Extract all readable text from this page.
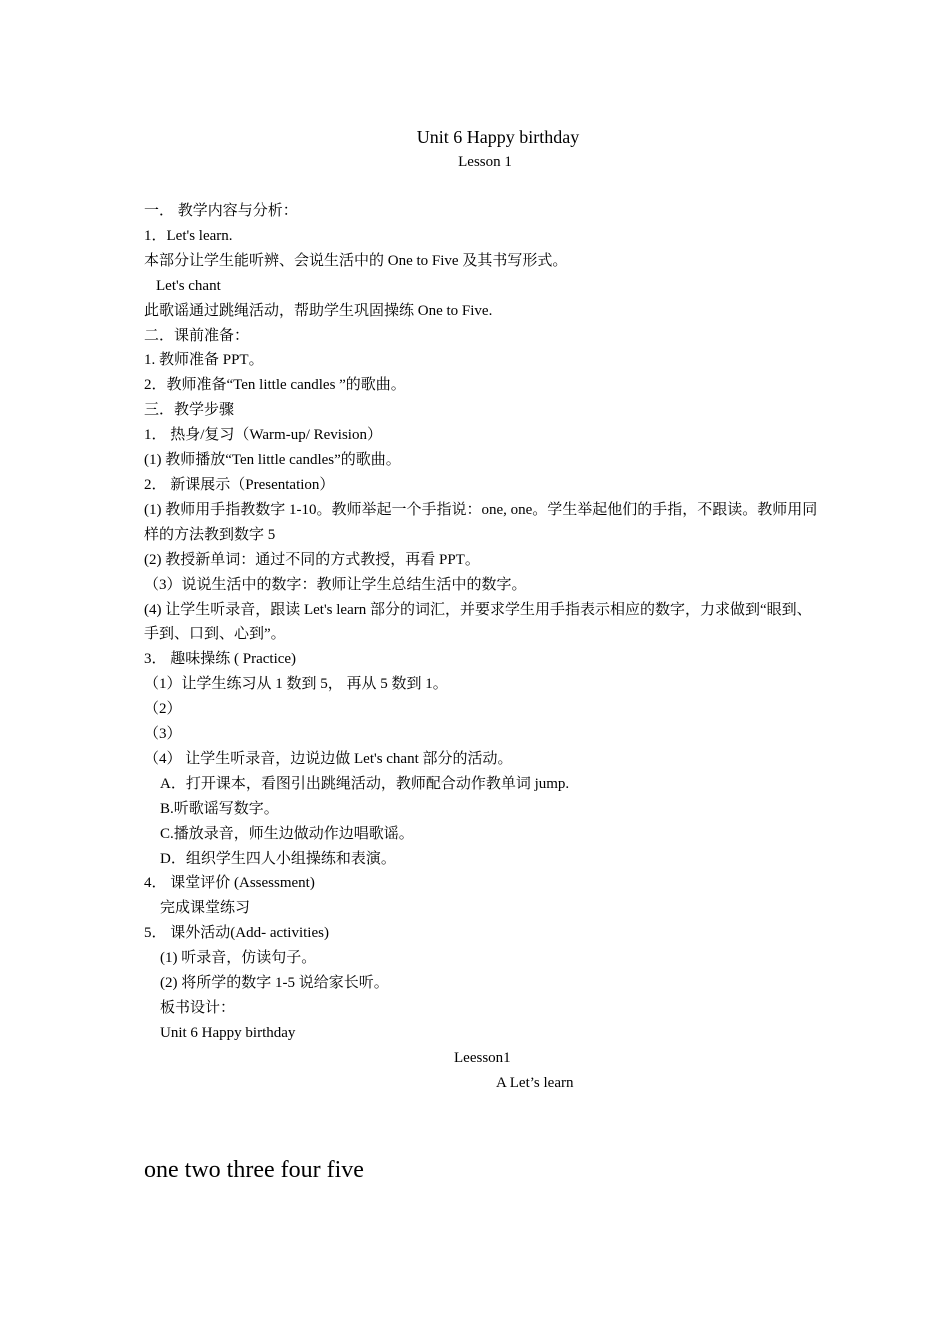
Unit 6 Happy birthday
Lesson 1
一． 教学内容与分析：
1．Let's learn.
本部分让学生能听辨、会说生活中的 One to Five 及其书写形式。
Let's chant
此歌谣通过跳绳活动，帮助学生巩固操练 One to Five.
二．课前准备：
1. 教师准备 PPT。
2．教师准备“Ten little candles ”的歌曲。
三．教学步骤
1． 热身/复习（Warm-up/ Revision）
(1) 教师播放“Ten little candles”的歌曲。
2． 新课展示（Presentation）
(1) 教师用手指教数字 1-10。教师举起一个手指说：one, one。学生举起他们的手指，不跟读。教师用同样的方法教到数字 5
(2) 教授新单词：通过不同的方式教授，再看 PPT。
（3）说说生活中的数字：教师让学生总结生活中的数字。
(4) 让学生听录音，跟读 Let's learn 部分的词汇，并要求学生用手指表示相应的数字，力求做到“眼到、手到、口到、心到”。
3． 趣味操练 ( Practice)
（1）让学生练习从 1 数到 5， 再从 5 数到 1。
（2）
（3）
（4） 让学生听录音，边说边做 Let's chant 部分的活动。
A．打开课本，看图引出跳绳活动，教师配合动作教单词 jump.
B.听歌谣写数字。
C.播放录音，师生边做动作边唱歌谣。
D．组织学生四人小组操练和表演。
4． 课堂评价 (Assessment)
完成课堂练习
5． 课外活动(Add- activities)
(1) 听录音，仿读句子。
(2) 将所学的数字 1-5 说给家长听。
板书设计：
Unit 6 Happy birthday
Leesson1
A Let’s learn
one two three four five
